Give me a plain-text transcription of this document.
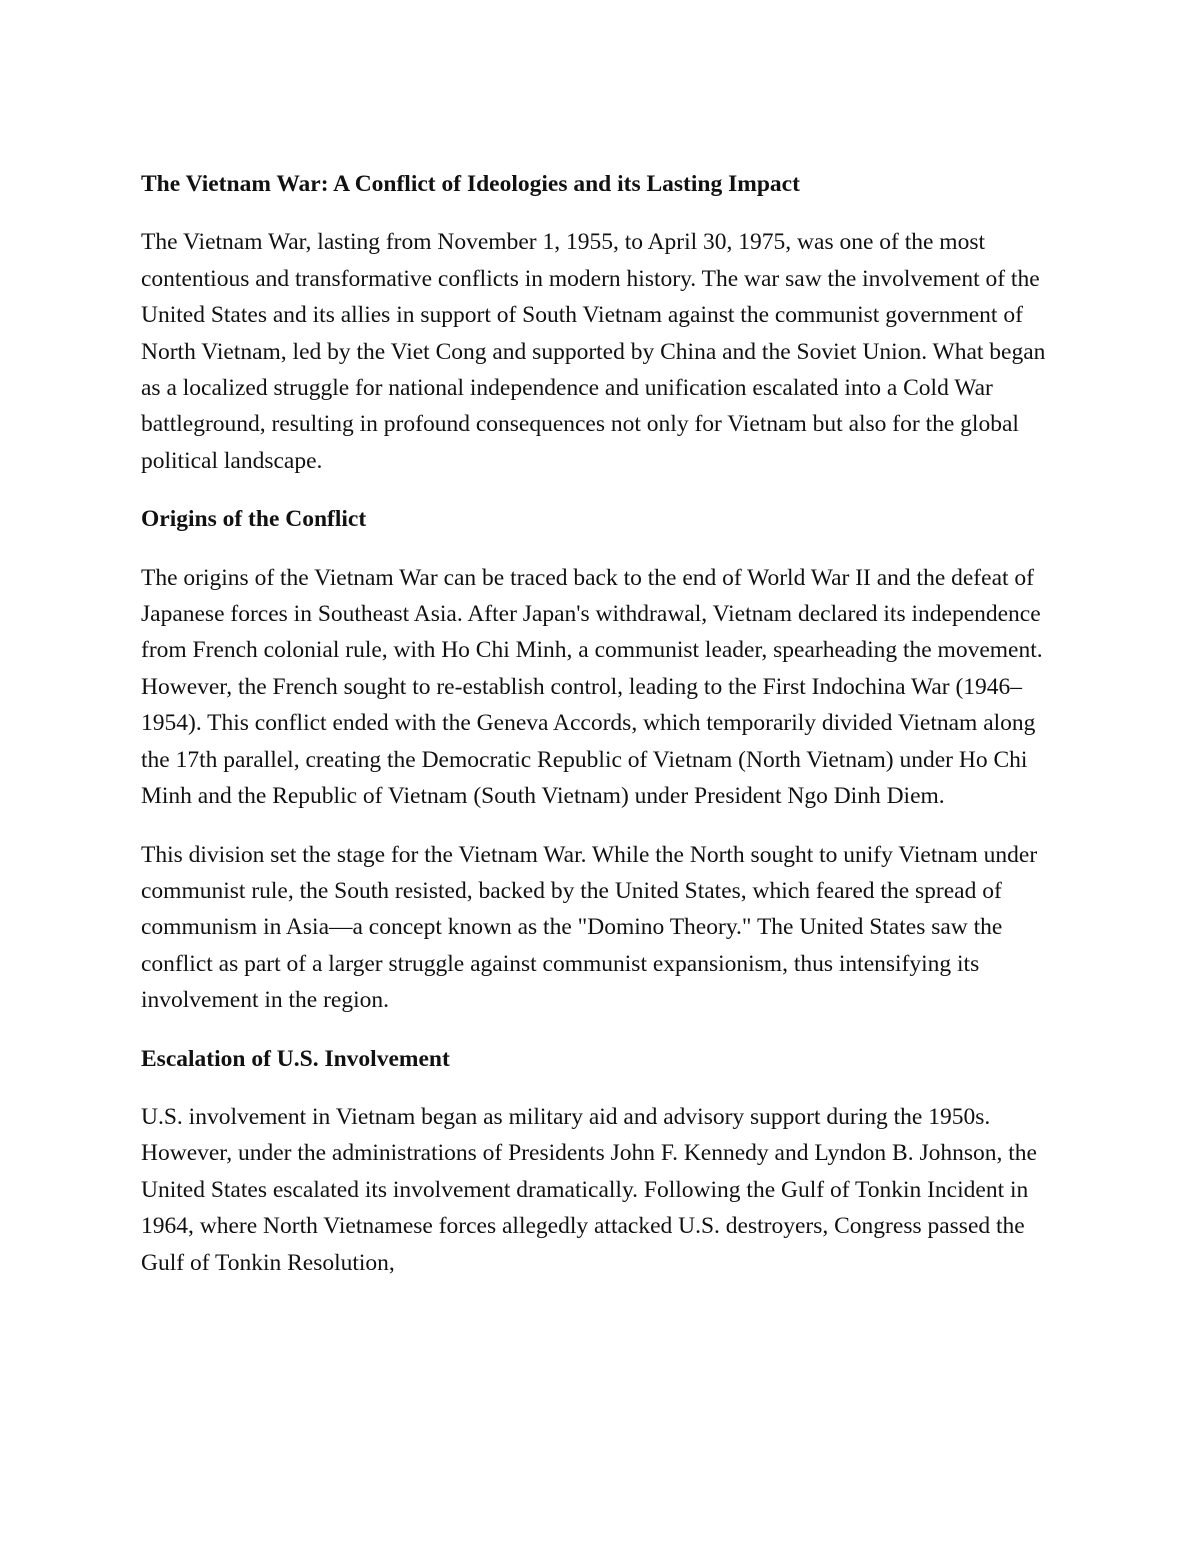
The Vietnam War: A Conflict of Ideologies and its Lasting Impact

The Vietnam War, lasting from November 1, 1955, to April 30, 1975, was one of the most contentious and transformative conflicts in modern history. The war saw the involvement of the United States and its allies in support of South Vietnam against the communist government of North Vietnam, led by the Viet Cong and supported by China and the Soviet Union. What began as a localized struggle for national independence and unification escalated into a Cold War battleground, resulting in profound consequences not only for Vietnam but also for the global political landscape.

Origins of the Conflict

The origins of the Vietnam War can be traced back to the end of World War II and the defeat of Japanese forces in Southeast Asia. After Japan's withdrawal, Vietnam declared its independence from French colonial rule, with Ho Chi Minh, a communist leader, spearheading the movement. However, the French sought to re-establish control, leading to the First Indochina War (1946–1954). This conflict ended with the Geneva Accords, which temporarily divided Vietnam along the 17th parallel, creating the Democratic Republic of Vietnam (North Vietnam) under Ho Chi Minh and the Republic of Vietnam (South Vietnam) under President Ngo Dinh Diem.

This division set the stage for the Vietnam War. While the North sought to unify Vietnam under communist rule, the South resisted, backed by the United States, which feared the spread of communism in Asia—a concept known as the "Domino Theory." The United States saw the conflict as part of a larger struggle against communist expansionism, thus intensifying its involvement in the region.

Escalation of U.S. Involvement

U.S. involvement in Vietnam began as military aid and advisory support during the 1950s. However, under the administrations of Presidents John F. Kennedy and Lyndon B. Johnson, the United States escalated its involvement dramatically. Following the Gulf of Tonkin Incident in 1964, where North Vietnamese forces allegedly attacked U.S. destroyers, Congress passed the Gulf of Tonkin Resolution,
